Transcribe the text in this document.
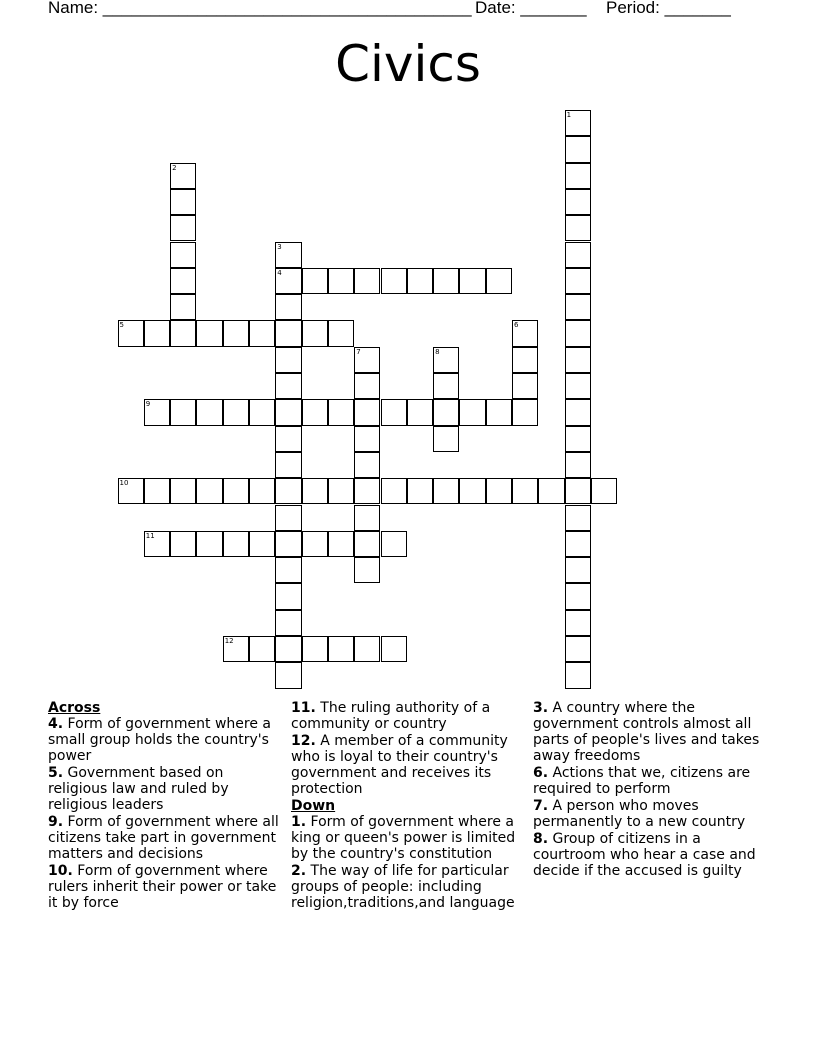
Name: _______________________________________ Date: _______ Period: _______
Civics
1
2
3
4
5	6
7	8
9
10
11
12

Across

4. Form of government where a small group holds the country's power

5. Government based on religious law and ruled by religious leaders

9. Form of government where all citizens take part in government matters and decisions

10. Form of government where rulers inherit their power or take it by force

11. The ruling authority of a community or country

12. A member of a community who is loyal to their country's government and receives its protection

Down

1. Form of government where a king or queen's power is limited by the country's constitution

2. The way of life for particular groups of people: including religion,traditions,and language

3. A country where the government controls almost all parts of people's lives and takes away freedoms

6. Actions that we, citizens are required to perform

7. A person who moves permanently to a new country

8. Group of citizens in a courtroom who hear a case and decide if the accused is guilty
